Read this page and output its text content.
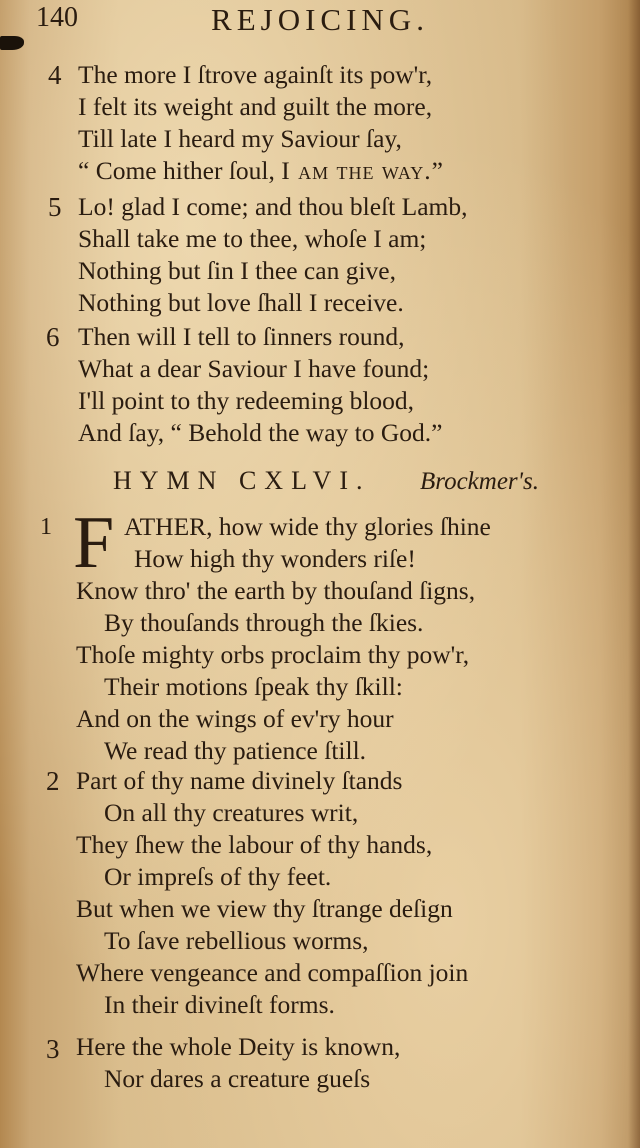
140	REJOICING.
4 The more I ſtrove againſt its pow'r,
I felt its weight and guilt the more,
Till late I heard my Saviour ſay,
“ Come hither ſoul, I am the way.”
5 Lo! glad I come; and thou bleſt Lamb,
Shall take me to thee, whoſe I am;
Nothing but ſin I thee can give,
Nothing but love ſhall I receive.
6 Then will I tell to ſinners round,
What a dear Saviour I have found;
I'll point to thy redeeming blood,
And ſay, “ Behold the way to God.”
HYMN CXLVI. Brockmer's.
1 F ATHER, how wide thy glories ſhine
How high thy wonders riſe!
Know thro' the earth by thouſand ſigns,
By thouſands through the ſkies.
Thoſe mighty orbs proclaim thy pow'r,
Their motions ſpeak thy ſkill:
And on the wings of ev'ry hour
We read thy patience ſtill.
2 Part of thy name divinely ſtands
On all thy creatures writ,
They ſhew the labour of thy hands,
Or impreſs of thy feet.
But when we view thy ſtrange deſign
To ſave rebellious worms,
Where vengeance and compaſſion join
In their divineſt forms.
3 Here the whole Deity is known,
Nor dares a creature gueſs
